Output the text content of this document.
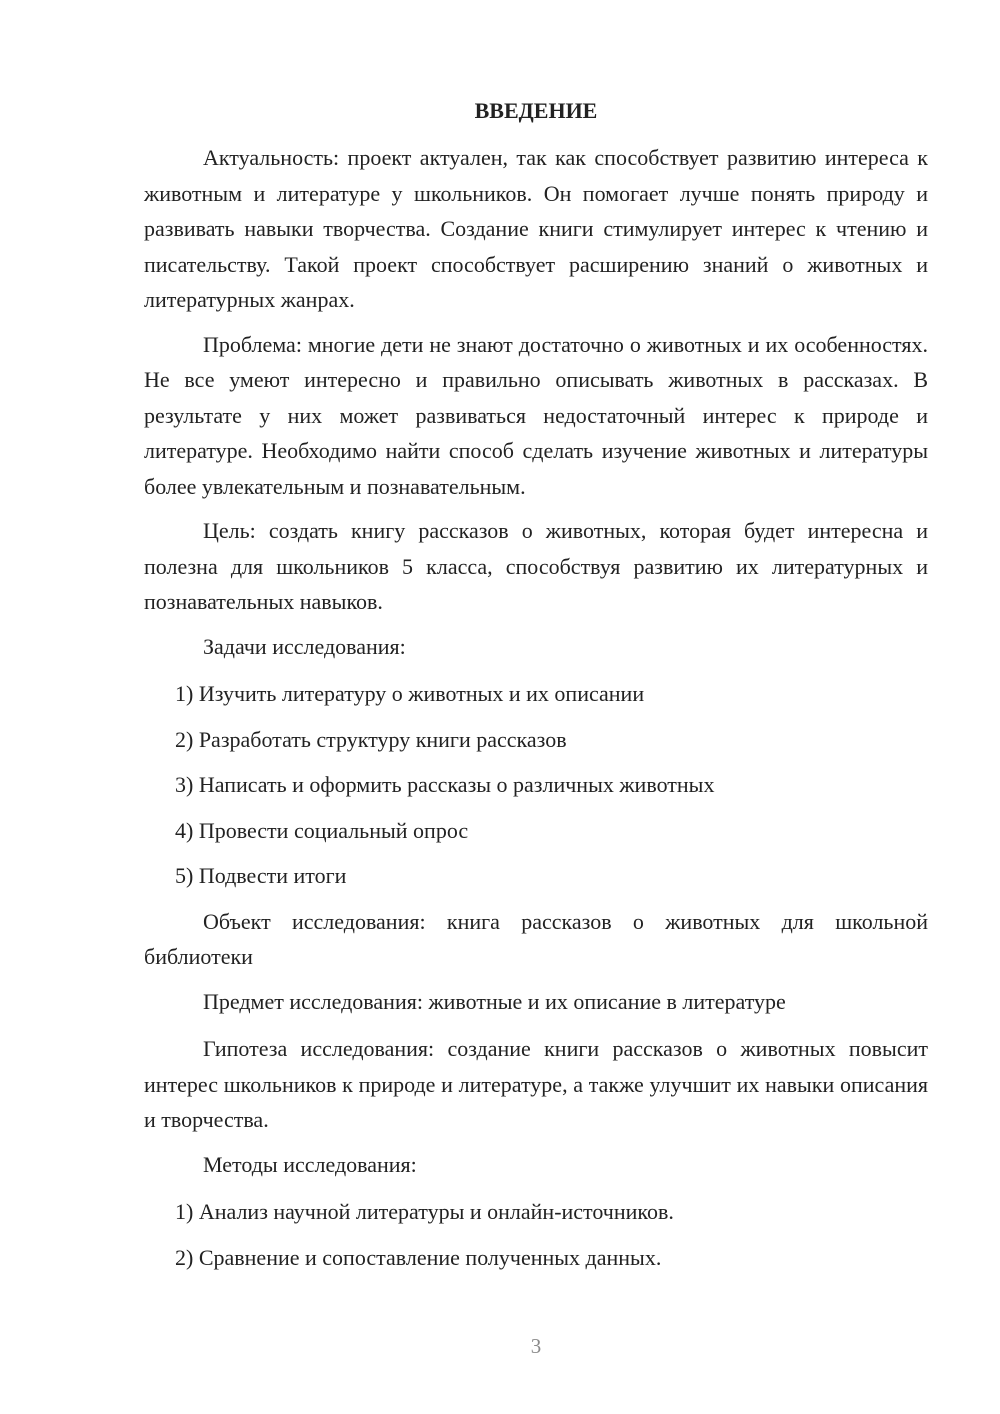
ВВЕДЕНИЕ

Актуальность: проект актуален, так как способствует развитию интереса к животным и литературе у школьников. Он помогает лучше понять природу и развивать навыки творчества. Создание книги стимулирует интерес к чтению и писательству. Такой проект способствует расширению знаний о животных и литературных жанрах.

Проблема: многие дети не знают достаточно о животных и их особенностях. Не все умеют интересно и правильно описывать животных в рассказах. В результате у них может развиваться недостаточный интерес к природе и литературе. Необходимо найти способ сделать изучение животных и литературы более увлекательным и познавательным.

Цель: создать книгу рассказов о животных, которая будет интересна и полезна для школьников 5 класса, способствуя развитию их литературных и познавательных навыков.

Задачи исследования:

1) Изучить литературу о животных и их описании
2) Разработать структуру книги рассказов
3) Написать и оформить рассказы о различных животных
4) Провести социальный опрос
5) Подвести итоги

Объект исследования: книга рассказов о животных для школьной библиотеки

Предмет исследования: животные и их описание в литературе

Гипотеза исследования: создание книги рассказов о животных повысит интерес школьников к природе и литературе, а также улучшит их навыки описания и творчества.

Методы исследования:

1) Анализ научной литературы и онлайн-источников.
2) Сравнение и сопоставление полученных данных.
3
